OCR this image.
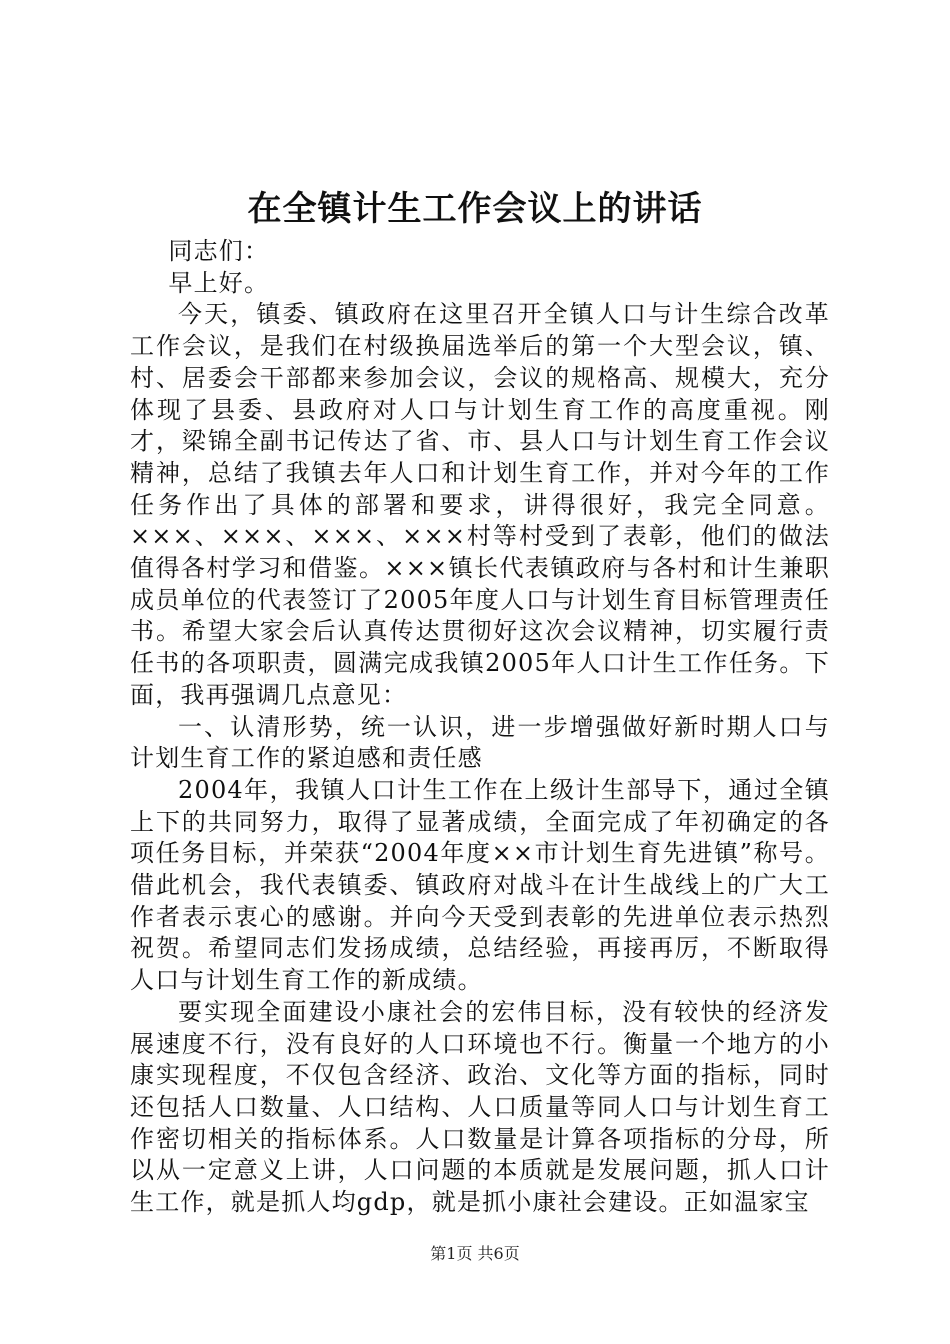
在全镇计生工作会议上的讲话

同志们：

早上好。

今天，镇委、镇政府在这里召开全镇人口与计生综合改革工作会议，是我们在村级换届选举后的第一个大型会议，镇、村、居委会干部都来参加会议，会议的规格高、规模大，充分体现了县委、县政府对人口与计划生育工作的高度重视。刚才，梁锦全副书记传达了省、市、县人口与计划生育工作会议精神，总结了我镇去年人口和计划生育工作，并对今年的工作任务作出了具体的部署和要求，讲得很好，我完全同意。×××、×××、×××、×××村等村受到了表彰，他们的做法值得各村学习和借鉴。×××镇长代表镇政府与各村和计生兼职成员单位的代表签订了2005年度人口与计划生育目标管理责任书。希望大家会后认真传达贯彻好这次会议精神，切实履行责任书的各项职责，圆满完成我镇2005年人口计生工作任务。下面，我再强调几点意见：

一、认清形势，统一认识，进一步增强做好新时期人口与计划生育工作的紧迫感和责任感

2004年，我镇人口计生工作在上级计生部导下，通过全镇上下的共同努力，取得了显著成绩，全面完成了年初确定的各项任务目标，并荣获“2004年度××市计划生育先进镇”称号。借此机会，我代表镇委、镇政府对战斗在计生战线上的广大工作者表示衷心的感谢。并向今天受到表彰的先进单位表示热烈祝贺。希望同志们发扬成绩，总结经验，再接再厉，不断取得人口与计划生育工作的新成绩。

要实现全面建设小康社会的宏伟目标，没有较快的经济发展速度不行，没有良好的人口环境也不行。衡量一个地方的小康实现程度，不仅包含经济、政治、文化等方面的指标，同时还包括人口数量、人口结构、人口质量等同人口与计划生育工作密切相关的指标体系。人口数量是计算各项指标的分母，所以从一定意义上讲，人口问题的本质就是发展问题，抓人口计生工作，就是抓人均gdp，就是抓小康社会建设。正如温家宝

第1页 共6页
